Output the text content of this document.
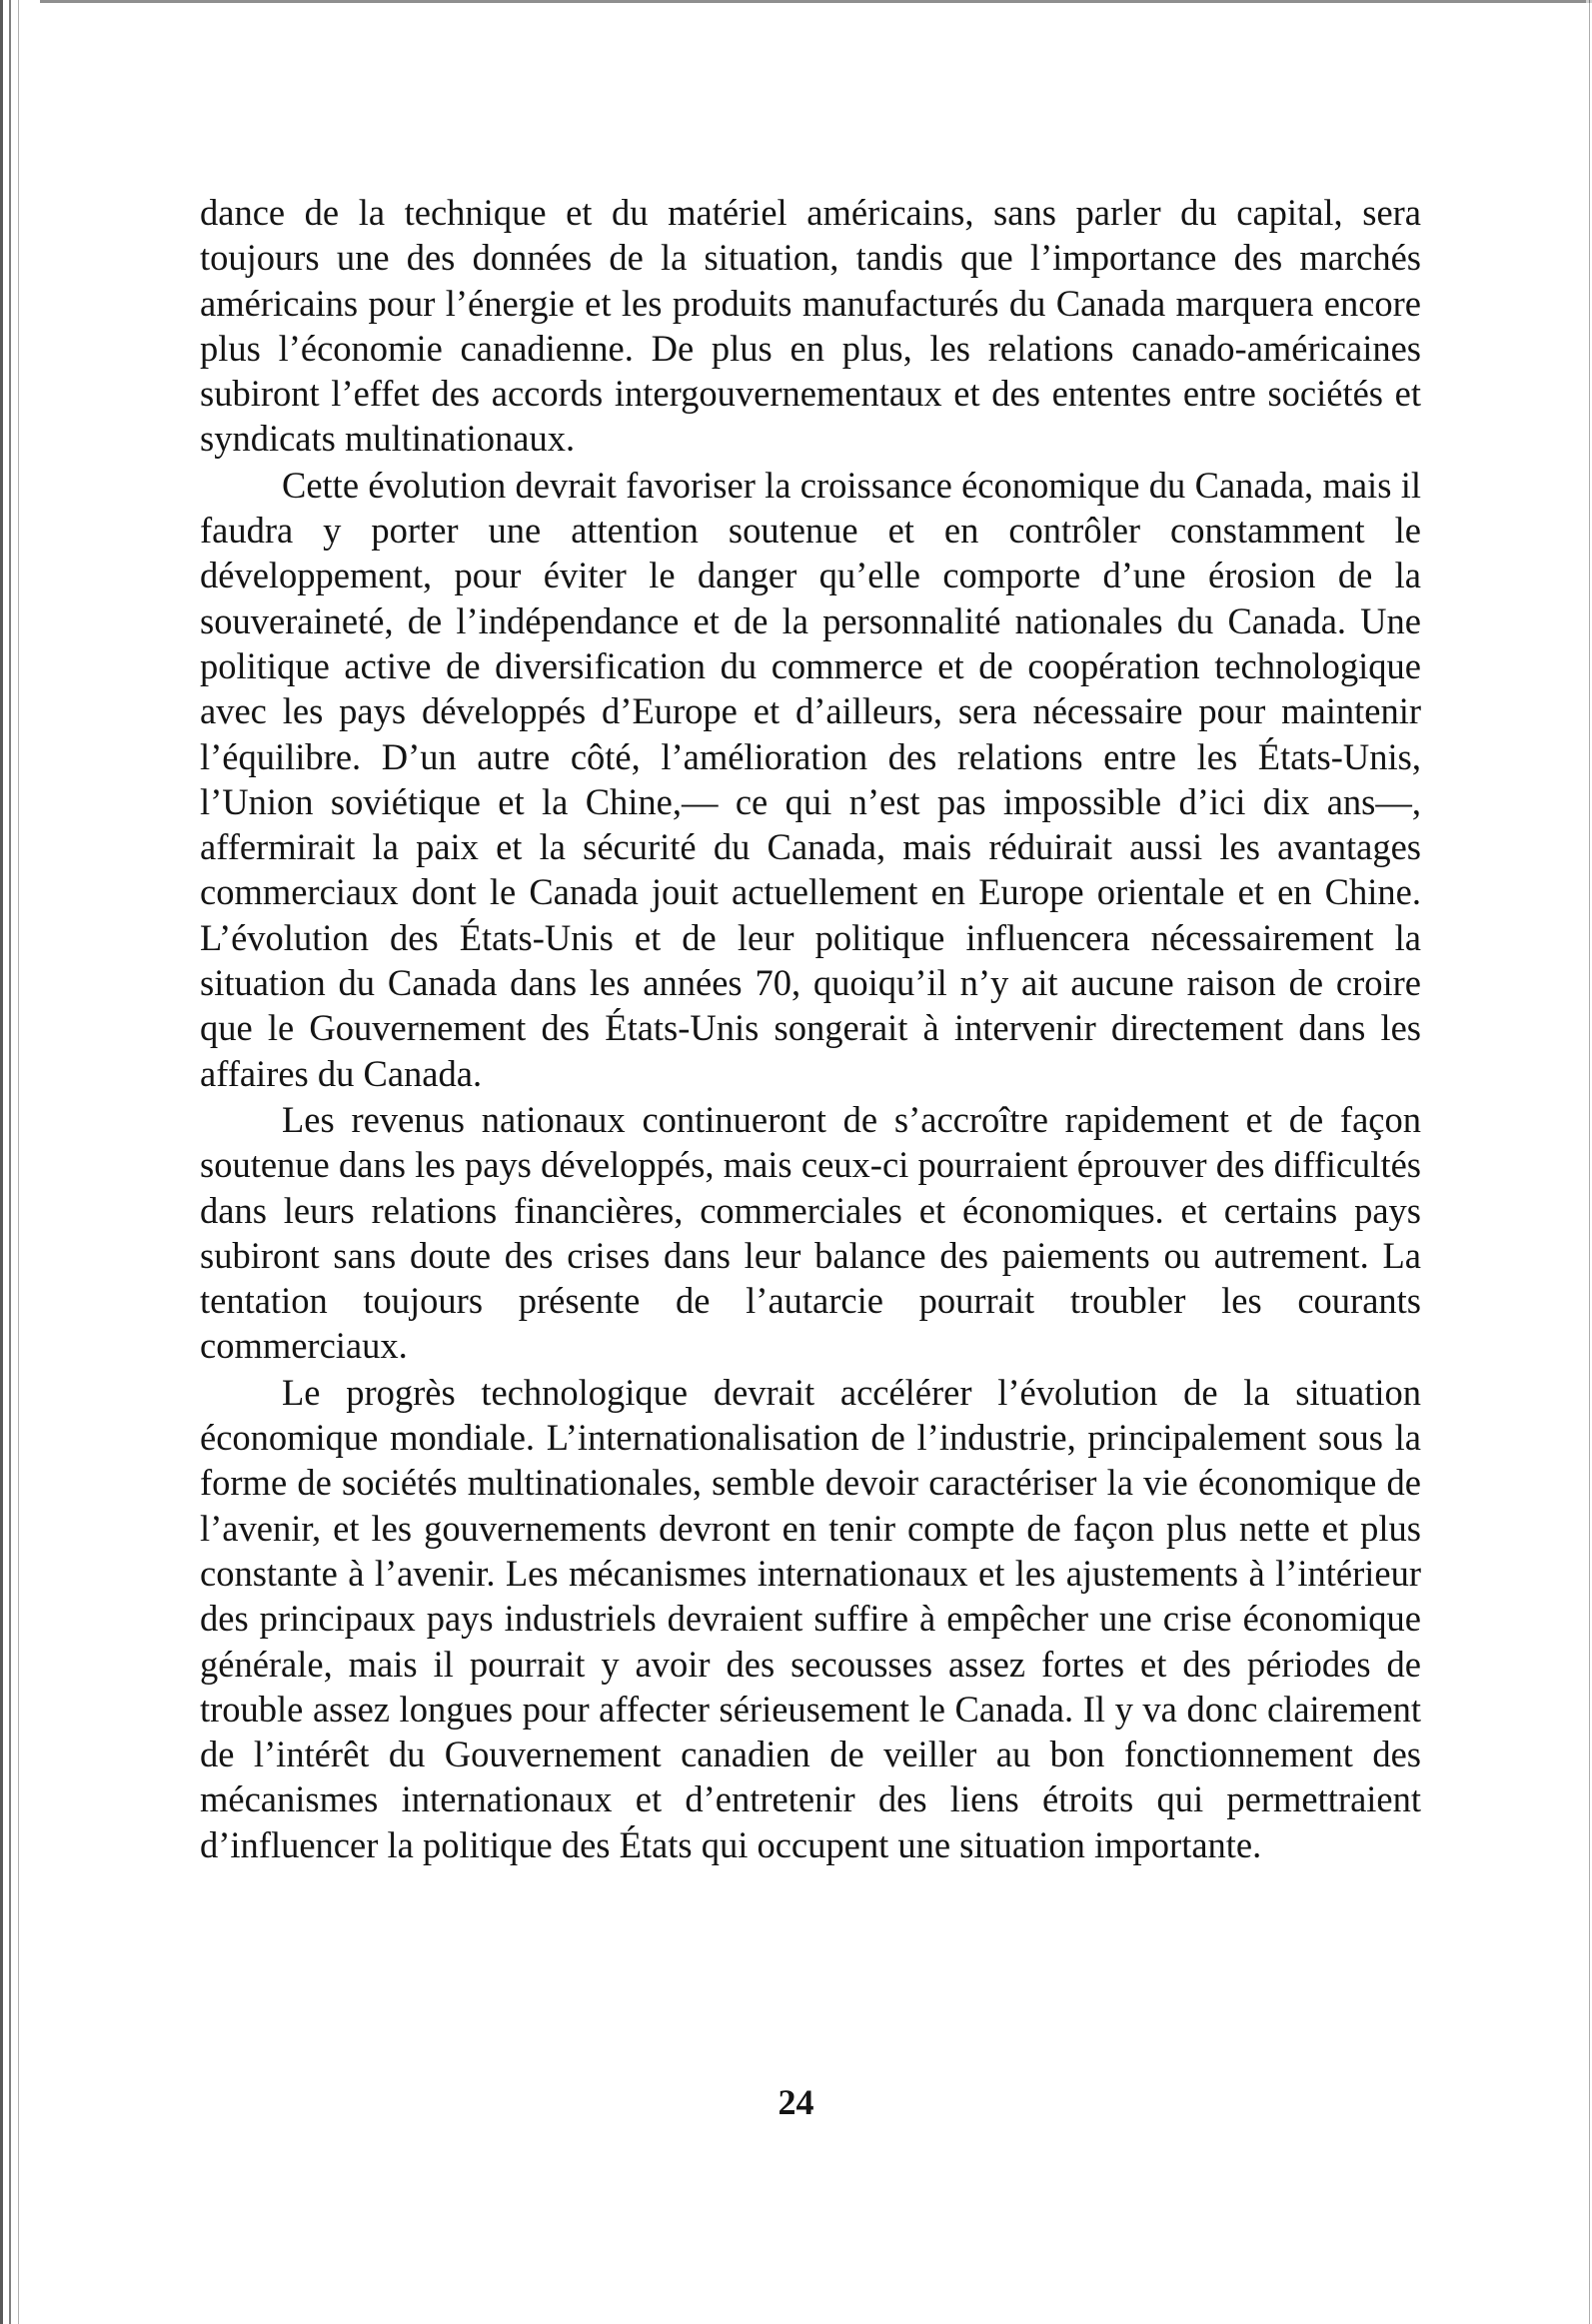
dance de la technique et du matériel américains, sans parler du capital, sera toujours une des données de la situation, tandis que l’importance des marchés américains pour l’énergie et les produits manufacturés du Canada marquera encore plus l’économie canadienne. De plus en plus, les relations canado-américaines subiront l’effet des accords intergouvernementaux et des ententes entre sociétés et syndicats multinationaux.

Cette évolution devrait favoriser la croissance économique du Canada, mais il faudra y porter une attention soutenue et en contrôler constamment le développement, pour éviter le danger qu’elle comporte d’une érosion de la souveraineté, de l’indépendance et de la personnalité nationales du Canada. Une politique active de diversification du commerce et de coopération technologique avec les pays développés d’Europe et d’ailleurs, sera nécessaire pour maintenir l’équilibre. D’un autre côté, l’amélioration des relations entre les États-Unis, l’Union soviétique et la Chine,— ce qui n’est pas impossible d’ici dix ans—, affermirait la paix et la sécurité du Canada, mais réduirait aussi les avantages commerciaux dont le Canada jouit actuellement en Europe orientale et en Chine. L’évolution des États-Unis et de leur politique influencera nécessairement la situation du Canada dans les années 70, quoiqu’il n’y ait aucune raison de croire que le Gouvernement des États-Unis songerait à intervenir directement dans les affaires du Canada.

Les revenus nationaux continueront de s’accroître rapidement et de façon soutenue dans les pays développés, mais ceux-ci pourraient éprouver des difficultés dans leurs relations financières, commerciales et économiques. et certains pays subiront sans doute des crises dans leur balance des paiements ou autrement. La tentation toujours présente de l’autarcie pourrait troubler les courants commerciaux.

Le progrès technologique devrait accélérer l’évolution de la situation économique mondiale. L’internationalisation de l’industrie, principalement sous la forme de sociétés multinationales, semble devoir caractériser la vie économique de l’avenir, et les gouvernements devront en tenir compte de façon plus nette et plus constante à l’avenir. Les mécanismes internationaux et les ajustements à l’intérieur des principaux pays industriels devraient suffire à empêcher une crise économique générale, mais il pourrait y avoir des secousses assez fortes et des périodes de trouble assez longues pour affecter sérieusement le Canada. Il y va donc clairement de l’intérêt du Gouvernement canadien de veiller au bon fonctionnement des mécanismes internationaux et d’entretenir des liens étroits qui permettraient d’influencer la politique des États qui occupent une situation importante.

24
